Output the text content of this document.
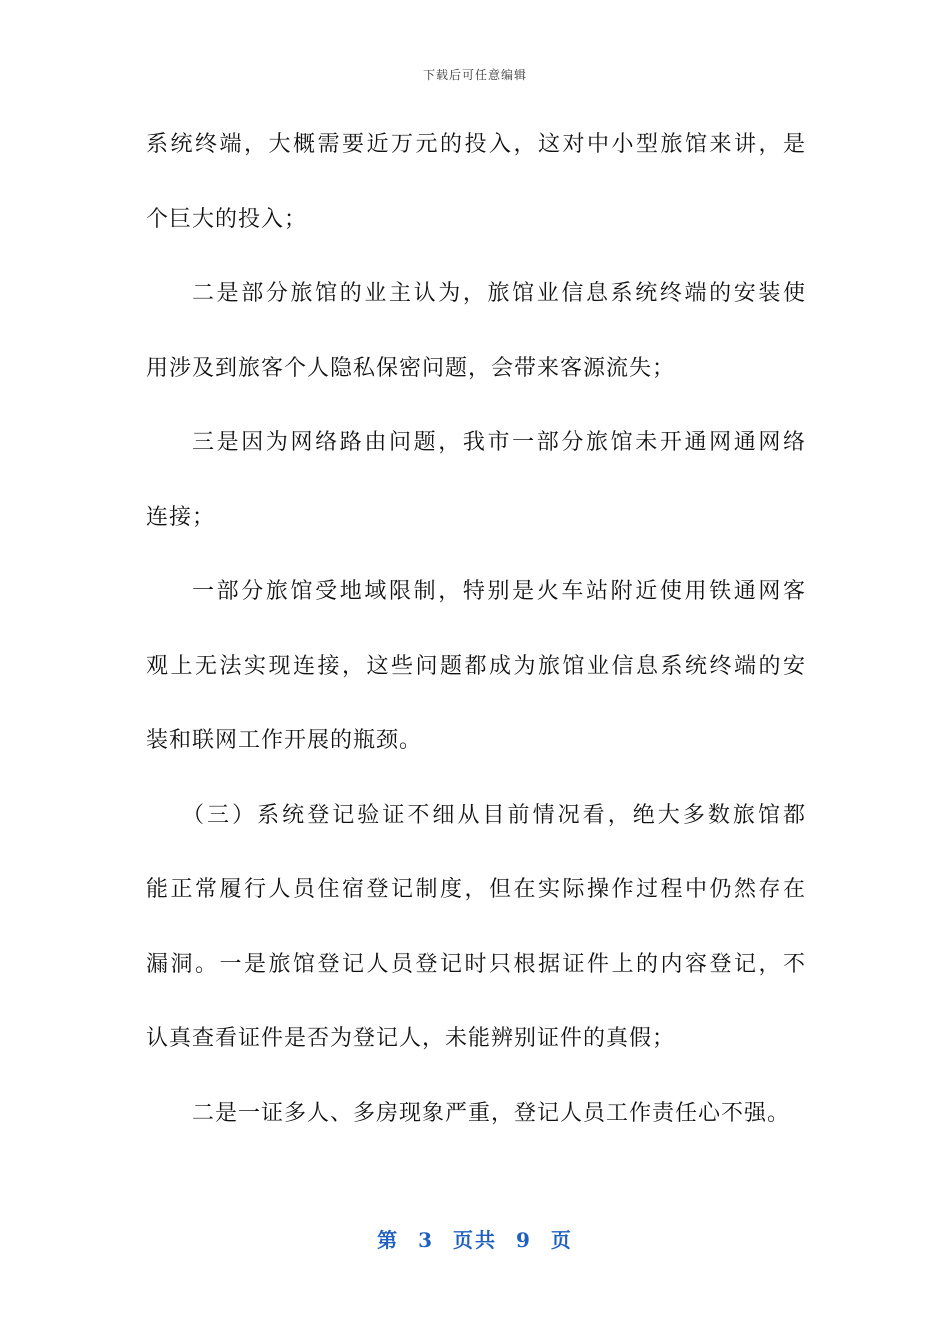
下载后可任意编辑
系统终端，大概需要近万元的投入，这对中小型旅馆来讲，是
个巨大的投入；
二是部分旅馆的业主认为，旅馆业信息系统终端的安装使
用涉及到旅客个人隐私保密问题，会带来客源流失；
三是因为网络路由问题，我市一部分旅馆未开通网通网络
连接；
一部分旅馆受地域限制，特别是火车站附近使用铁通网客
观上无法实现连接，这些问题都成为旅馆业信息系统终端的安
装和联网工作开展的瓶颈。
（三）系统登记验证不细从目前情况看，绝大多数旅馆都
能正常履行人员住宿登记制度，但在实际操作过程中仍然存在
漏洞。一是旅馆登记人员登记时只根据证件上的内容登记，不
认真查看证件是否为登记人，未能辨别证件的真假；
二是一证多人、多房现象严重，登记人员工作责任心不强。
第 3 页共 9 页
